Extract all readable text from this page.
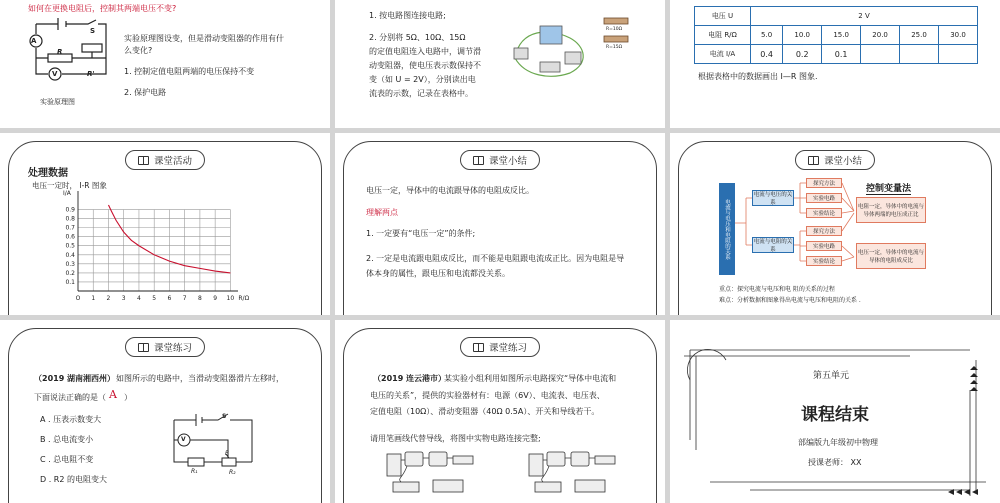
如何在更换电阻后，控制其两端电压不变?
A
S
R
R'
V
实验原理图
实验原理图设变，但是滑动变阻器的作用有什
么变化?
1. 控制定值电阻两端的电压保持不变
2. 保护电路
1. 按电路图连接电路;
2. 分别将 5Ω、10Ω、15Ω
的定值电阻连入电路中，调节滑
动变阻器，使电压表示数保持不
变（如 U = 2V），分别读出电
流表的示数，记录在表格中。
R=10Ω
R=15Ω
电压 U	2 V					
电阻 R/Ω	5.0	10.0	15.0	20.0	25.0	30.0
电流 I/A	0.4	0.2	0.1			
根据表格中的数据画出 I—R 图象.
课堂活动
处理数据
电压一定时， I-R 图象
0.9
0.8
0.7
0.6
0.5
0.4
0.3
0.2
0.1
O 1 2 3 4 5 6 7 8 9 10
I/A
R/Ω
课堂小结
电压一定，导体中的电流跟导体的电阻成反比。
理解两点
1. 一定要有“电压一定”的条件;
2. 一定是电流跟电阻成反比，而不能是电阻跟电流成正比。因为电阻是导
体本身的属性，跟电压和电流都没关系。
课堂小结
电流与电压和电阻的关系
电流与电压的关系
电流与电阻的关系
探究方法
实验电路
实验结论
探究方法
实验电路
实验结论
控制变量法
电阻一定，导体中的电流与导体两端的电压成正比
电压一定，导体中的电流与导体的电阻成反比
重点：探究电流与电压和电 阻的关系的过程
难点：分析数据和图象得出电流与电压和电阻的关系 .
课堂练习
（2019 湖南湘西州） 如图所示的电路中，当滑动变阻器滑片左移时，
下面说法正确的是（ A ）
A . 压表示数变大
B . 总电流变小
C . 总电阻不变
D . R2 的电阻变大
S
V
R₁	R₂
P
课堂练习
（2019 连云港市）
某实验小组利用如图所示电路探究“导体中电流和
电压的关系”，提供的实验器材有：电源（6V）、电流表、电压表、
定值电阻（10Ω）、滑动变阻器（40Ω 0.5A）、开关和导线若干。
请用笔画线代替导线，将图中实物电路连接完整;
第五单元
课程结束
部编版九年级初中物理
授课老师： XX
